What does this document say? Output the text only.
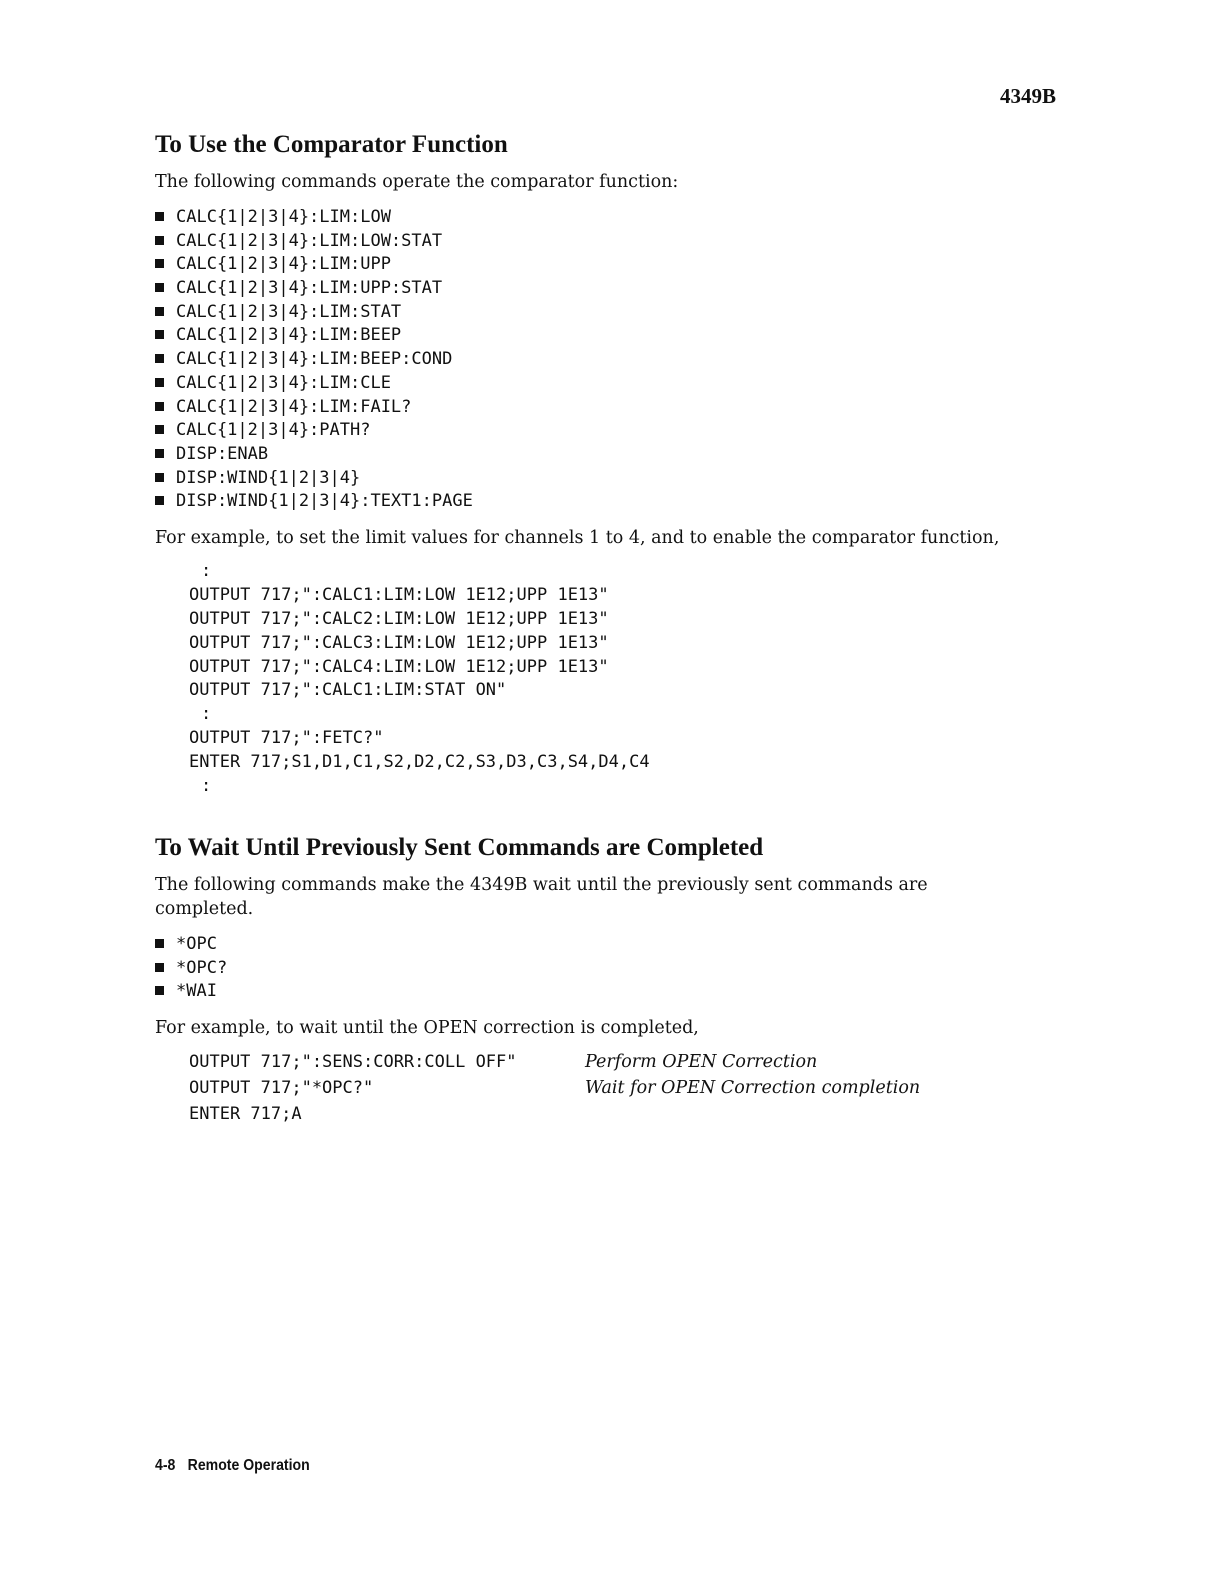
4349B
To Use the Comparator Function

The following commands operate the comparator function:

CALC{1|2|3|4}:LIM:LOW
CALC{1|2|3|4}:LIM:LOW:STAT
CALC{1|2|3|4}:LIM:UPP
CALC{1|2|3|4}:LIM:UPP:STAT
CALC{1|2|3|4}:LIM:STAT
CALC{1|2|3|4}:LIM:BEEP
CALC{1|2|3|4}:LIM:BEEP:COND
CALC{1|2|3|4}:LIM:CLE
CALC{1|2|3|4}:LIM:FAIL?
CALC{1|2|3|4}:PATH?
DISP:ENAB
DISP:WIND{1|2|3|4}
DISP:WIND{1|2|3|4}:TEXT1:PAGE

For example, to set the limit values for channels 1 to 4, and to enable the comparator function,

:
OUTPUT 717;":CALC1:LIM:LOW 1E12;UPP 1E13"
OUTPUT 717;":CALC2:LIM:LOW 1E12;UPP 1E13"
OUTPUT 717;":CALC3:LIM:LOW 1E12;UPP 1E13"
OUTPUT 717;":CALC4:LIM:LOW 1E12;UPP 1E13"
OUTPUT 717;":CALC1:LIM:STAT ON"
:
OUTPUT 717;":FETC?"
ENTER 717;S1,D1,C1,S2,D2,C2,S3,D3,C3,S4,D4,C4
:
To Wait Until Previously Sent Commands are Completed

The following commands make the 4349B wait until the previously sent commands are completed.

*OPC
*OPC?
*WAI

For example, to wait until the OPEN correction is completed,

OUTPUT 717;":SENS:CORR:COLL OFF"	Perform OPEN Correction
OUTPUT 717;"*OPC?"	Wait for OPEN Correction completion
ENTER 717;A
4-8 Remote Operation
